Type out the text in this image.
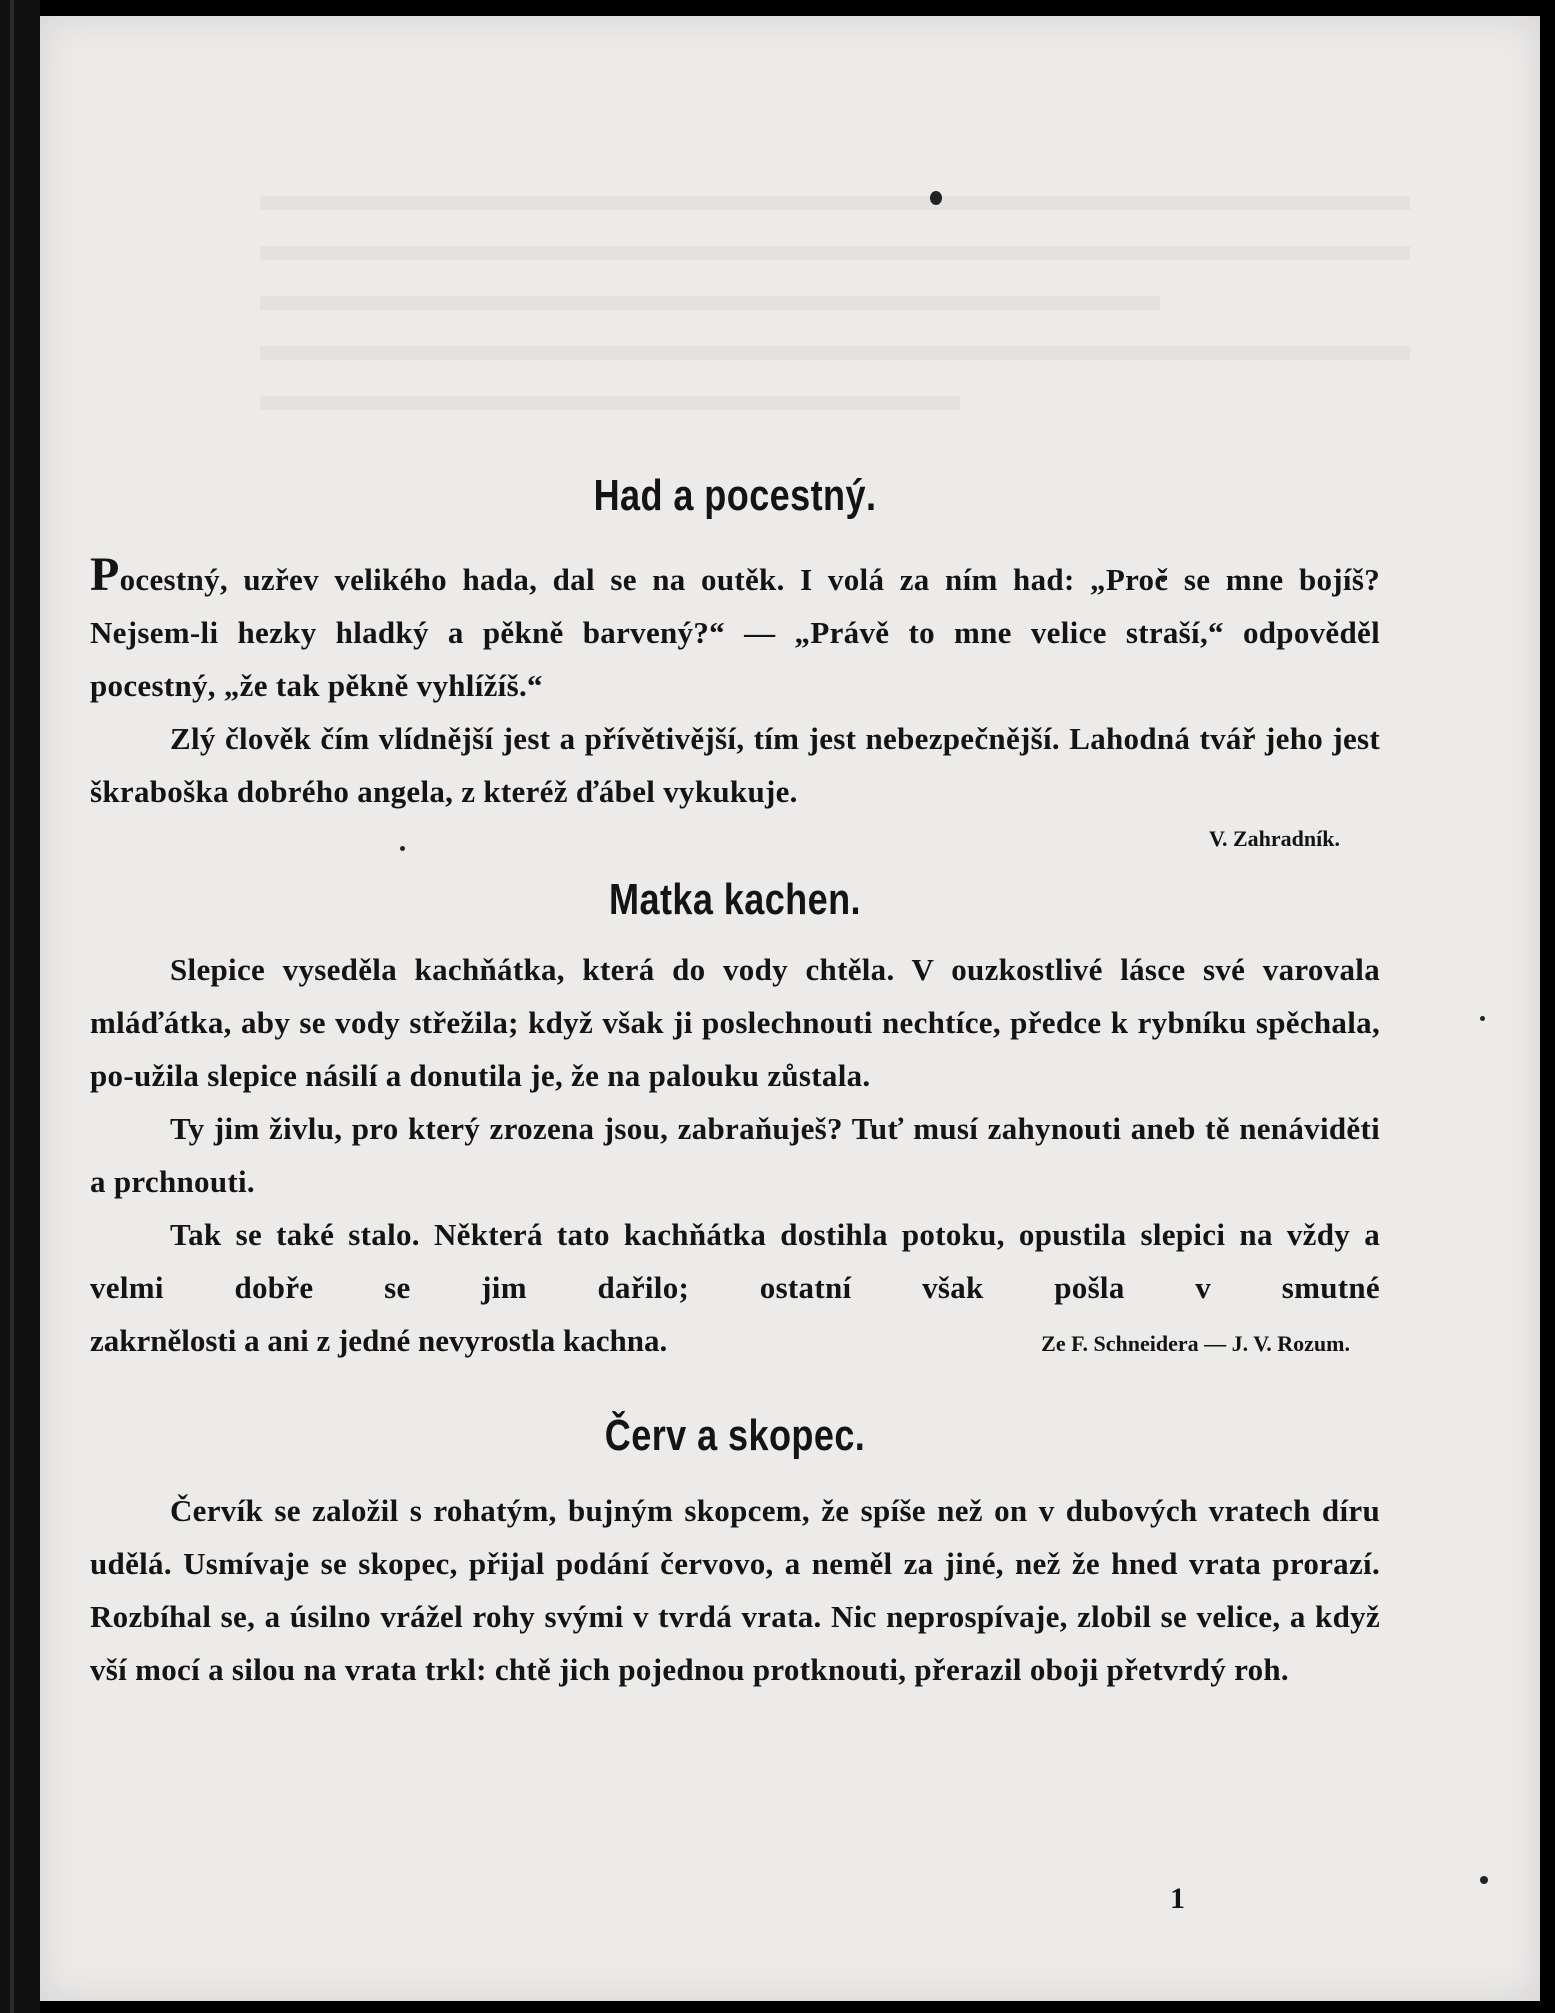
1
Had a pocestný.

Pocestný, uzřev velikého hada, dal se na outěk. I volá za ním had: „Proč se mne bojíš? Nejsem-li hezky hladký a pěkně barvený?“ — „Právě to mne velice straší,“ odpověděl pocestný, „že tak pěkně vyhlížíš.“

Zlý člověk čím vlídnější jest a přívětivější, tím jest nebezpečnější. Lahodná tvář jeho jest škraboška dobrého angela, z kteréž ďábel vykukuje.

V. Zahradník.
Matka kachen.

Slepice vyseděla kachňátka, která do vody chtěla. V ouzkostlivé lásce své varovala mláďátka, aby se vody střežila; když však ji poslechnouti nechtíce, předce k rybníku spěchala, po-užila slepice násilí a donutila je, že na palouku zůstala.

Ty jim živlu, pro který zrozena jsou, zabraňuješ? Tuť musí zahynouti aneb tě nenáviděti a prchnouti.

Tak se také stalo. Některá tato kachňátka dostihla potoku, opustila slepici na vždy a velmi dobře se jim dařilo; ostatní však pošla v smutné

zakrnělosti a ani z jedné nevyrostla kachna.	Ze F. Schneidera — J. V. Rozum.
Červ a skopec.

Červík se založil s rohatým, bujným skopcem, že spíše než on v dubových vratech díru udělá. Usmívaje se skopec, přijal podání červovo, a neměl za jiné, než že hned vrata prorazí. Rozbíhal se, a úsilno vrážel rohy svými v tvrdá vrata. Nic neprospívaje, zlobil se velice, a když vší mocí a silou na vrata trkl: chtě jich pojednou protknouti, přerazil oboji přetvrdý roh.
